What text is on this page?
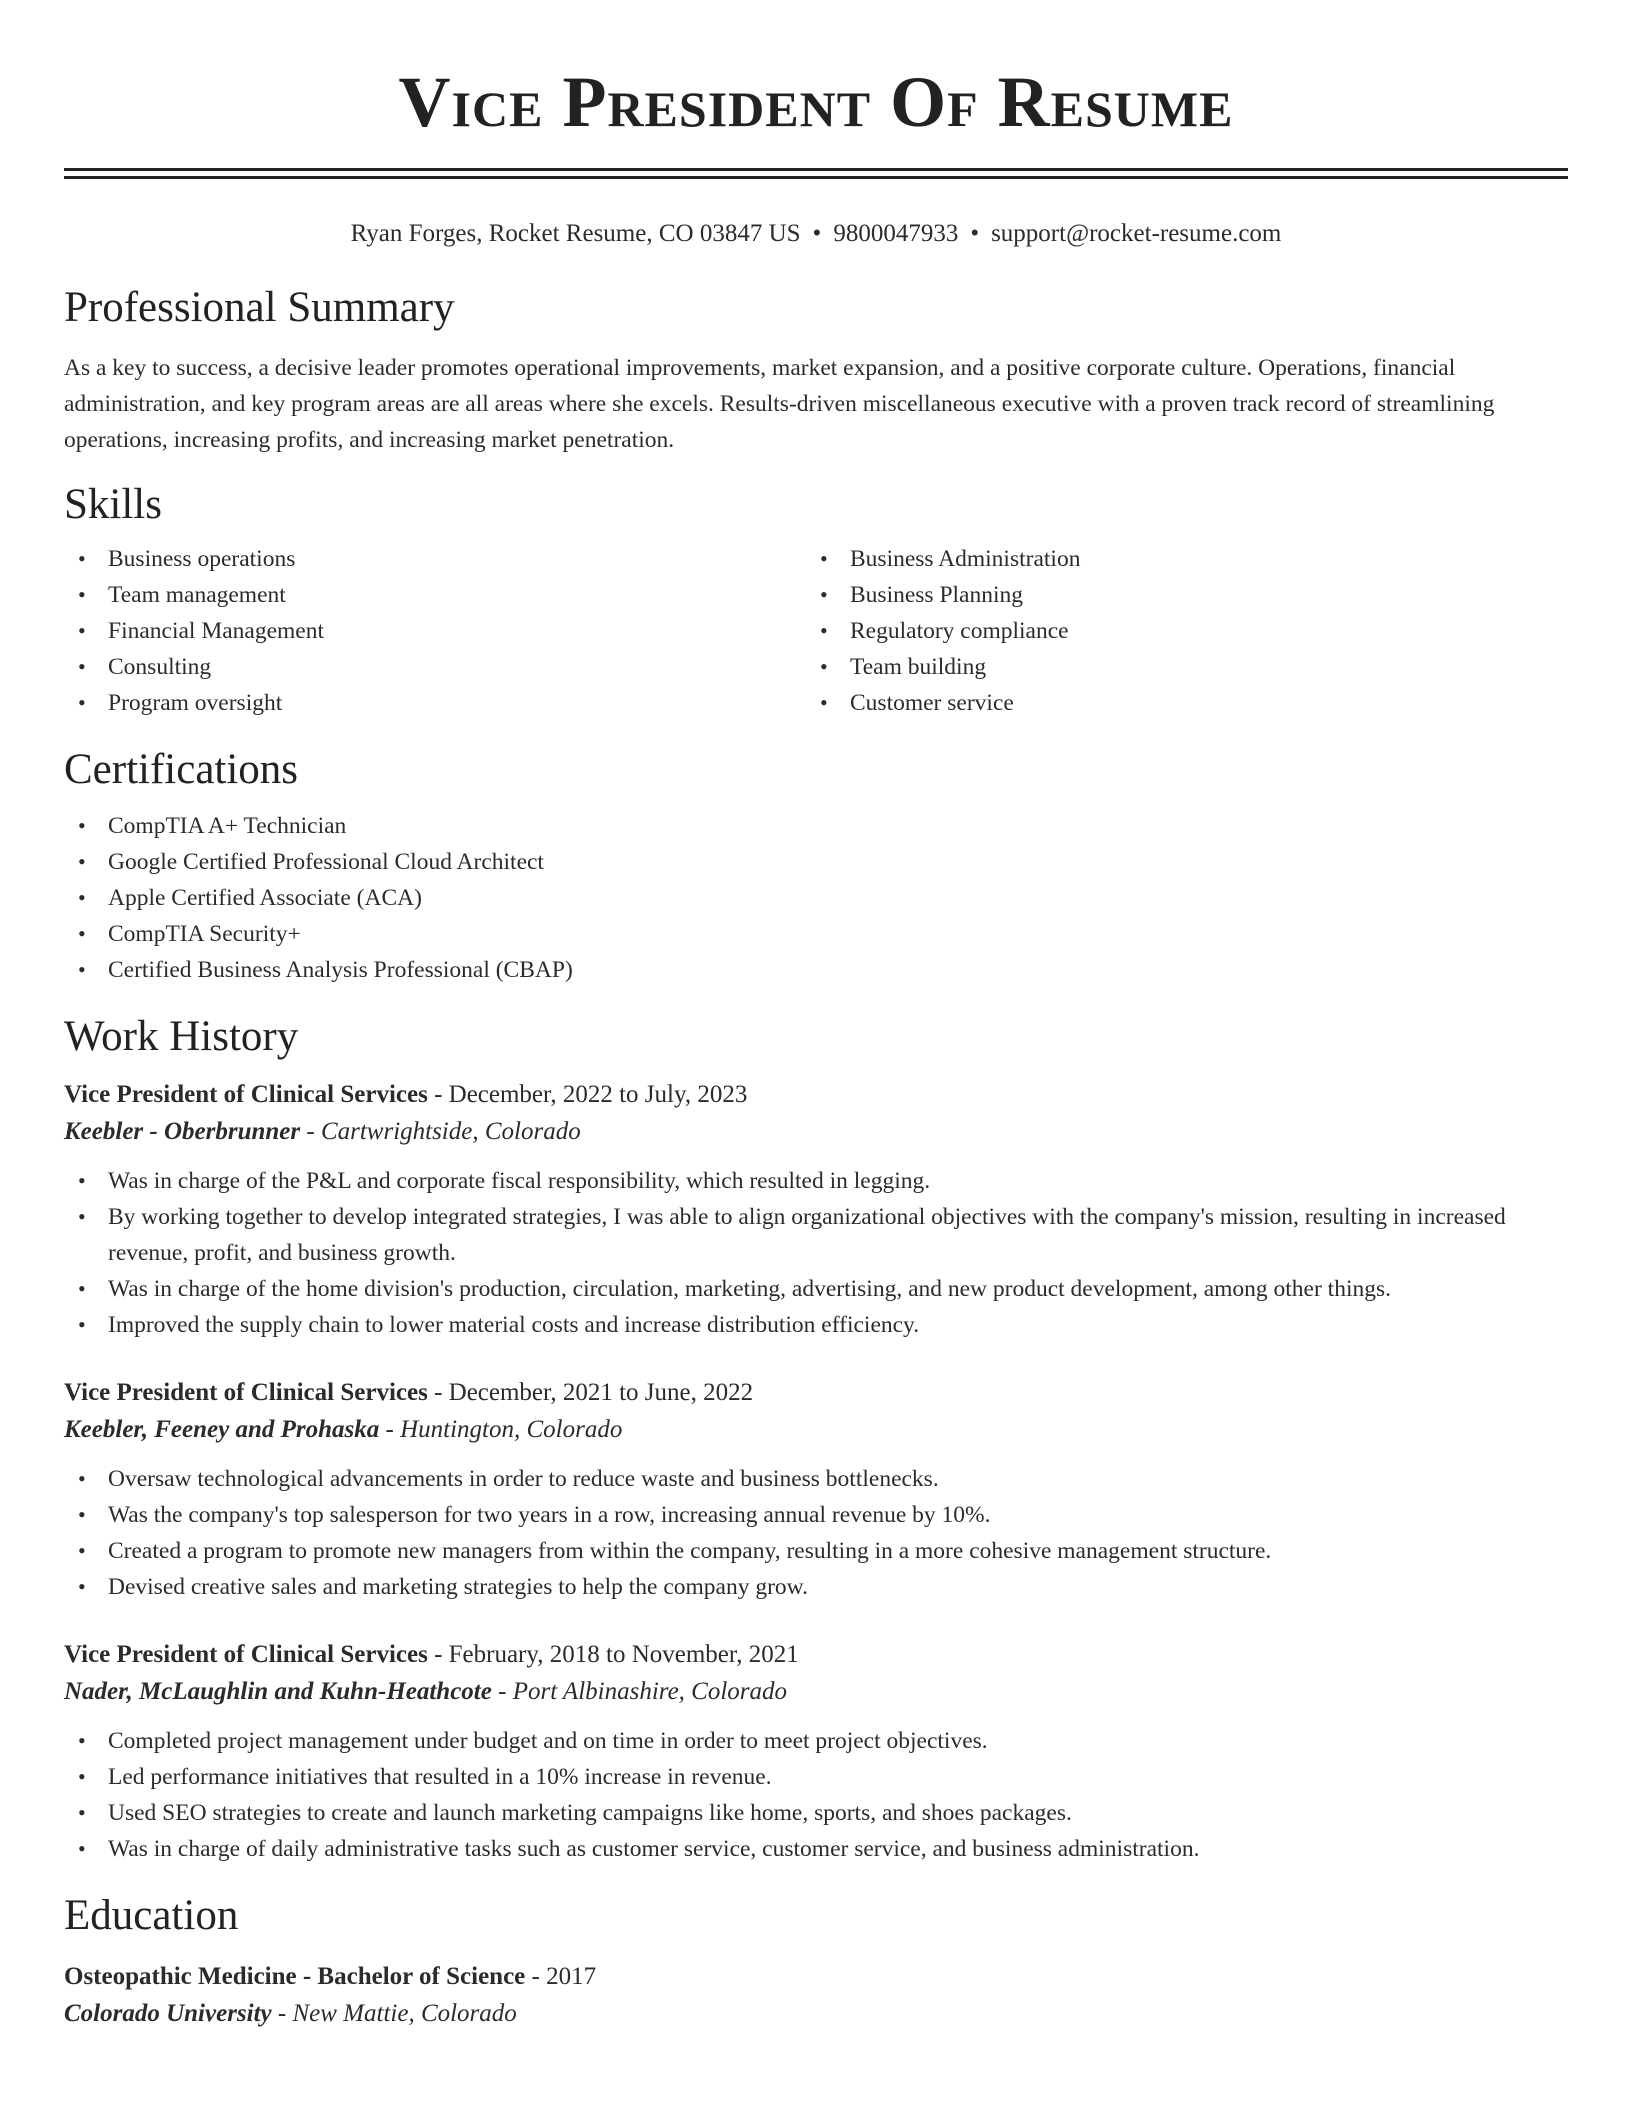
Vice President Of Resume
Ryan Forges, Rocket Resume, CO 03847 US • 9800047933 • support@rocket-resume.com
Professional Summary

As a key to success, a decisive leader promotes operational improvements, market expansion, and a positive corporate culture. Operations, financial administration, and key program areas are all areas where she excels. Results-driven miscellaneous executive with a proven track record of streamlining operations, increasing profits, and increasing market penetration.

Skills
• Business operations
• Team management
• Financial Management
• Consulting
• Program oversight
• Business Administration
• Business Planning
• Regulatory compliance
• Team building
• Customer service
Certifications
• CompTIA A+ Technician
• Google Certified Professional Cloud Architect
• Apple Certified Associate (ACA)
• CompTIA Security+
• Certified Business Analysis Professional (CBAP)
Work History
Vice President of Clinical Services - December, 2022 to July, 2023
Keebler - Oberbrunner - Cartwrightside, Colorado
• Was in charge of the P&L and corporate fiscal responsibility, which resulted in legging.
• By working together to develop integrated strategies, I was able to align organizational objectives with the company's mission, resulting in increased revenue, profit, and business growth.
• Was in charge of the home division's production, circulation, marketing, advertising, and new product development, among other things.
• Improved the supply chain to lower material costs and increase distribution efficiency.
Vice President of Clinical Services - December, 2021 to June, 2022
Keebler, Feeney and Prohaska - Huntington, Colorado
• Oversaw technological advancements in order to reduce waste and business bottlenecks.
• Was the company's top salesperson for two years in a row, increasing annual revenue by 10%.
• Created a program to promote new managers from within the company, resulting in a more cohesive management structure.
• Devised creative sales and marketing strategies to help the company grow.
Vice President of Clinical Services - February, 2018 to November, 2021
Nader, McLaughlin and Kuhn-Heathcote - Port Albinashire, Colorado
• Completed project management under budget and on time in order to meet project objectives.
• Led performance initiatives that resulted in a 10% increase in revenue.
• Used SEO strategies to create and launch marketing campaigns like home, sports, and shoes packages.
• Was in charge of daily administrative tasks such as customer service, customer service, and business administration.
Education
Osteopathic Medicine - Bachelor of Science - 2017
Colorado University - New Mattie, Colorado
